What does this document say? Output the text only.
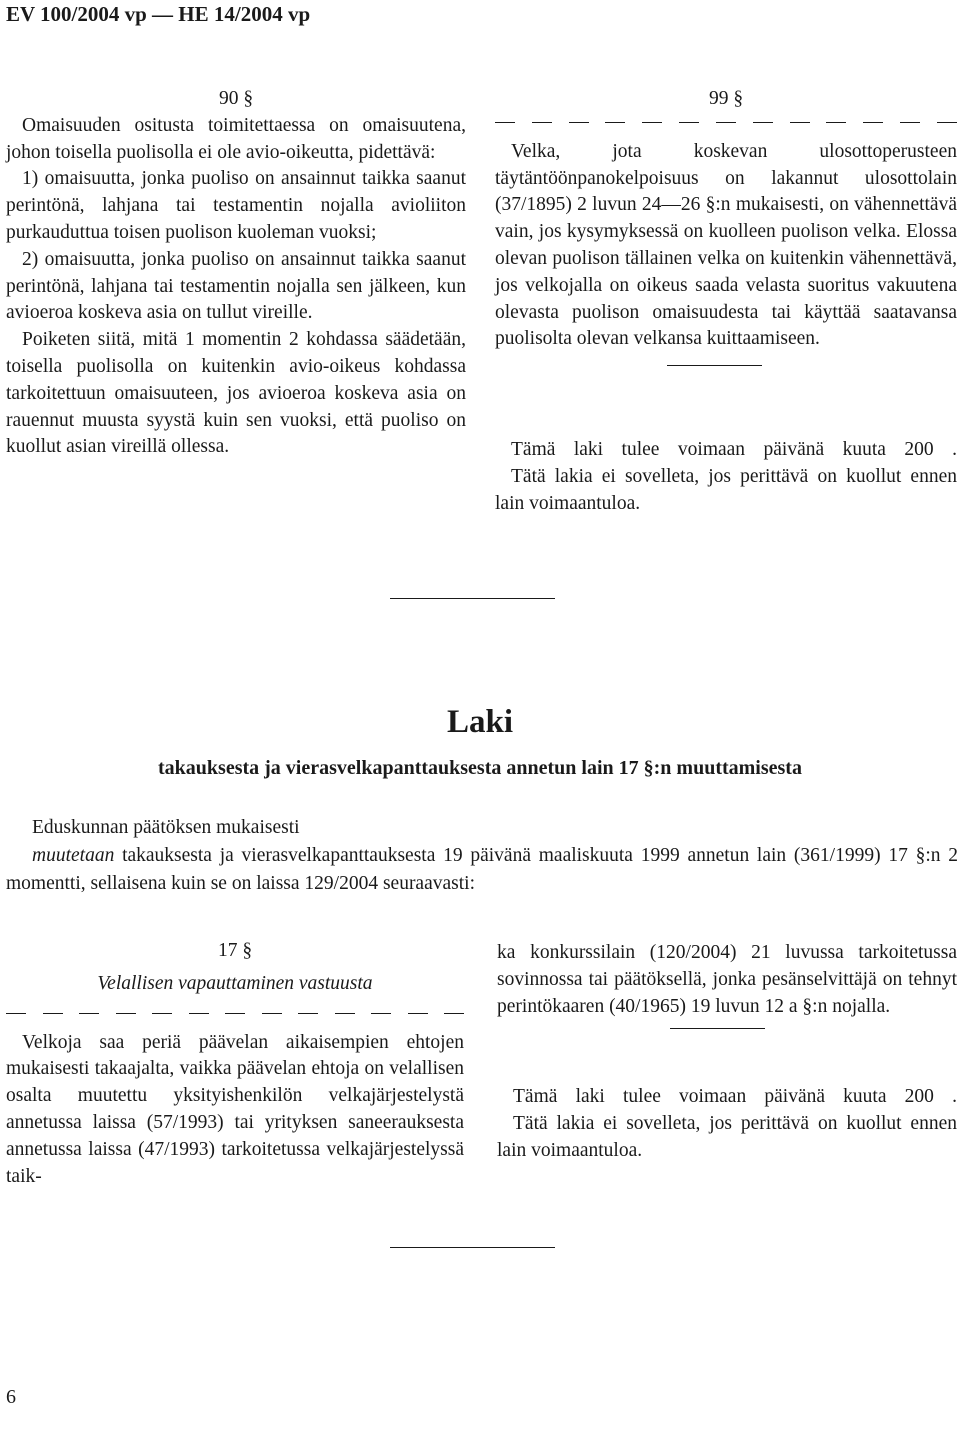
EV 100/2004 vp — HE 14/2004 vp

90 §

Omaisuuden ositusta toimitettaessa on omaisuutena, johon toisella puolisolla ei ole avio-oikeutta, pidettävä:

1) omaisuutta, jonka puoliso on ansainnut taikka saanut perintönä, lahjana tai testamentin nojalla avioliiton purkauduttua toisen puolison kuoleman vuoksi;

2) omaisuutta, jonka puoliso on ansainnut taikka saanut perintönä, lahjana tai testamentin nojalla sen jälkeen, kun avioeroa koskeva asia on tullut vireille.

Poiketen siitä, mitä 1 momentin 2 kohdassa säädetään, toisella puolisolla on kuitenkin avio-oikeus kohdassa tarkoitettuun omaisuuteen, jos avioeroa koskeva asia on rauennut muusta syystä kuin sen vuoksi, että puoliso on kuollut asian vireillä ollessa.

99 §

Velka, jota koskevan ulosottoperusteen täytäntöönpanokelpoisuus on lakannut ulosottolain (37/1895) 2 luvun 24—26 §:n mukaisesti, on vähennettävä vain, jos kysymyksessä on kuolleen puolison velka. Elossa olevan puolison tällainen velka on kuitenkin vähennettävä, jos velkojalla on oikeus saada velasta suoritus vakuutena olevasta puolison omaisuudesta tai käyttää saatavansa puolisolta olevan velkansa kuittaamiseen.

Tämä laki tulee voimaan päivänä kuuta 200 .

Tätä lakia ei sovelleta, jos perittävä on kuollut ennen lain voimaantuloa.

Laki
takauksesta ja vierasvelkapanttauksesta annetun lain 17 §:n muuttamisesta

Eduskunnan päätöksen mukaisesti

muutetaan takauksesta ja vierasvelkapanttauksesta 19 päivänä maaliskuuta 1999 annetun lain (361/1999) 17 §:n 2 momentti, sellaisena kuin se on laissa 129/2004 seuraavasti:

17 §

Velallisen vapauttaminen vastuusta

Velkoja saa periä päävelan aikaisempien ehtojen mukaisesti takaajalta, vaikka päävelan ehtoja on velallisen osalta muutettu yksityishenkilön velkajärjestelystä annetussa laissa (57/1993) tai yrityksen saneerauksesta annetussa laissa (47/1993) tarkoitetussa velkajärjestelyssä taik-

ka konkurssilain (120/2004) 21 luvussa tarkoitetussa sovinnossa tai päätöksellä, jonka pesänselvittäjä on tehnyt perintökaaren (40/1965) 19 luvun 12 a §:n nojalla.

Tämä laki tulee voimaan päivänä kuuta 200 .

Tätä lakia ei sovelleta, jos perittävä on kuollut ennen lain voimaantuloa.

6
